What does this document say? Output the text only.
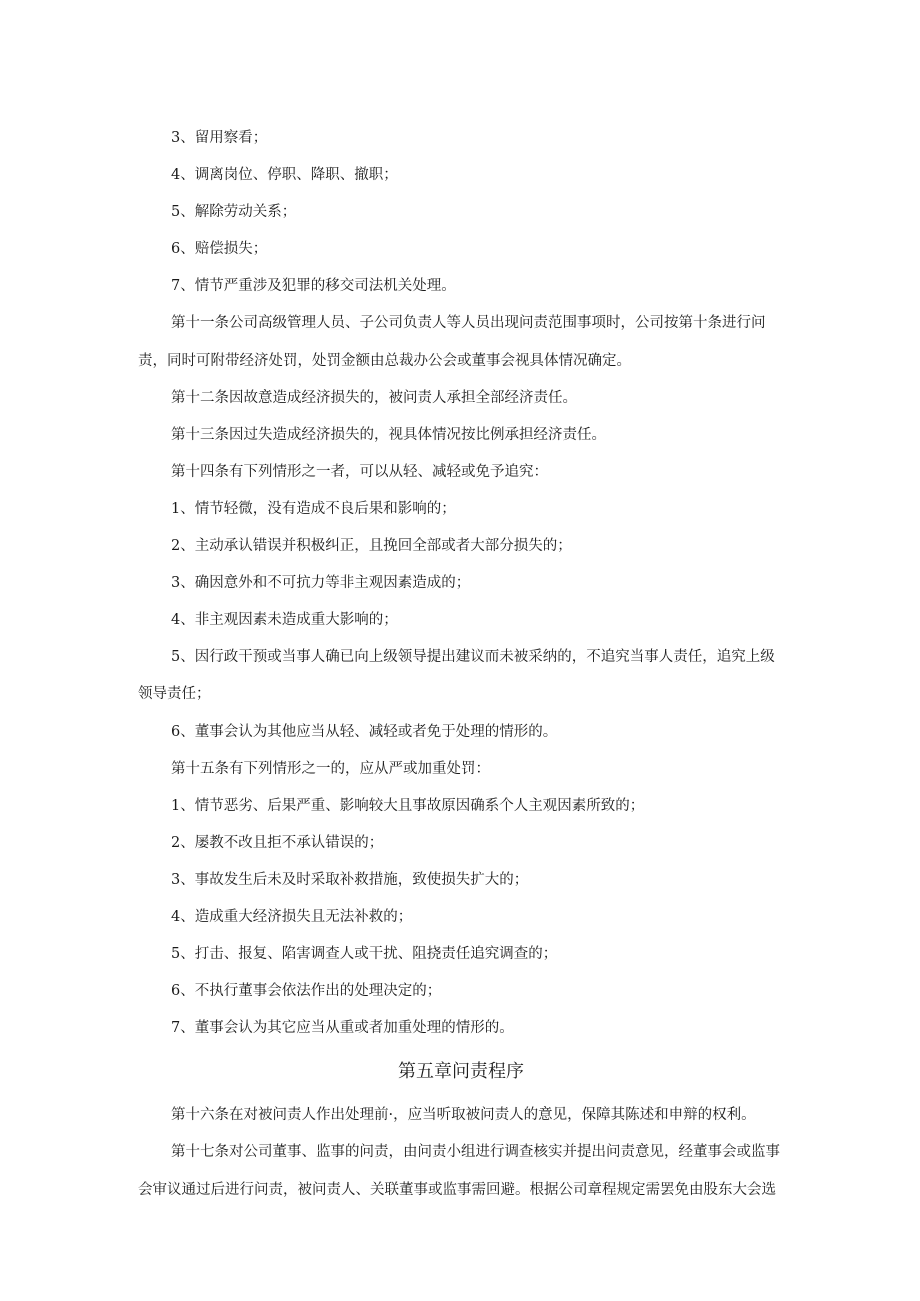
3、留用察看；
4、调离岗位、停职、降职、撤职；
5、解除劳动关系；
6、赔偿损失；
7、情节严重涉及犯罪的移交司法机关处理。
第十一条公司高级管理人员、子公司负责人等人员出现问责范围事项时，公司按第十条进行问
责，同时可附带经济处罚，处罚金额由总裁办公会或董事会视具体情况确定。
第十二条因故意造成经济损失的，被问责人承担全部经济责任。
第十三条因过失造成经济损失的，视具体情况按比例承担经济责任。
第十四条有下列情形之一者，可以从轻、减轻或免予追究：
1、情节轻微，没有造成不良后果和影响的；
2、主动承认错误并积极纠正，且挽回全部或者大部分损失的；
3、确因意外和不可抗力等非主观因素造成的；
4、非主观因素未造成重大影响的；
5、因行政干预或当事人确已向上级领导提出建议而未被采纳的，不追究当事人责任，追究上级
领导责任；
6、董事会认为其他应当从轻、减轻或者免于处理的情形的。
第十五条有下列情形之一的，应从严或加重处罚：
1、情节恶劣、后果严重、影响较大且事故原因确系个人主观因素所致的；
2、屡教不改且拒不承认错误的；
3、事故发生后未及时采取补救措施，致使损失扩大的；
4、造成重大经济损失且无法补救的；
5、打击、报复、陷害调查人或干扰、阻挠责任追究调查的；
6、不执行董事会依法作出的处理决定的；
7、董事会认为其它应当从重或者加重处理的情形的。
第五章问责程序
第十六条在对被问责人作出处理前·，应当听取被问责人的意见，保障其陈述和申辩的权利。
第十七条对公司董事、监事的问责，由问责小组进行调查核实并提出问责意见，经董事会或监事
会审议通过后进行问责，被问责人、关联董事或监事需回避。根据公司章程规定需罢免由股东大会选
